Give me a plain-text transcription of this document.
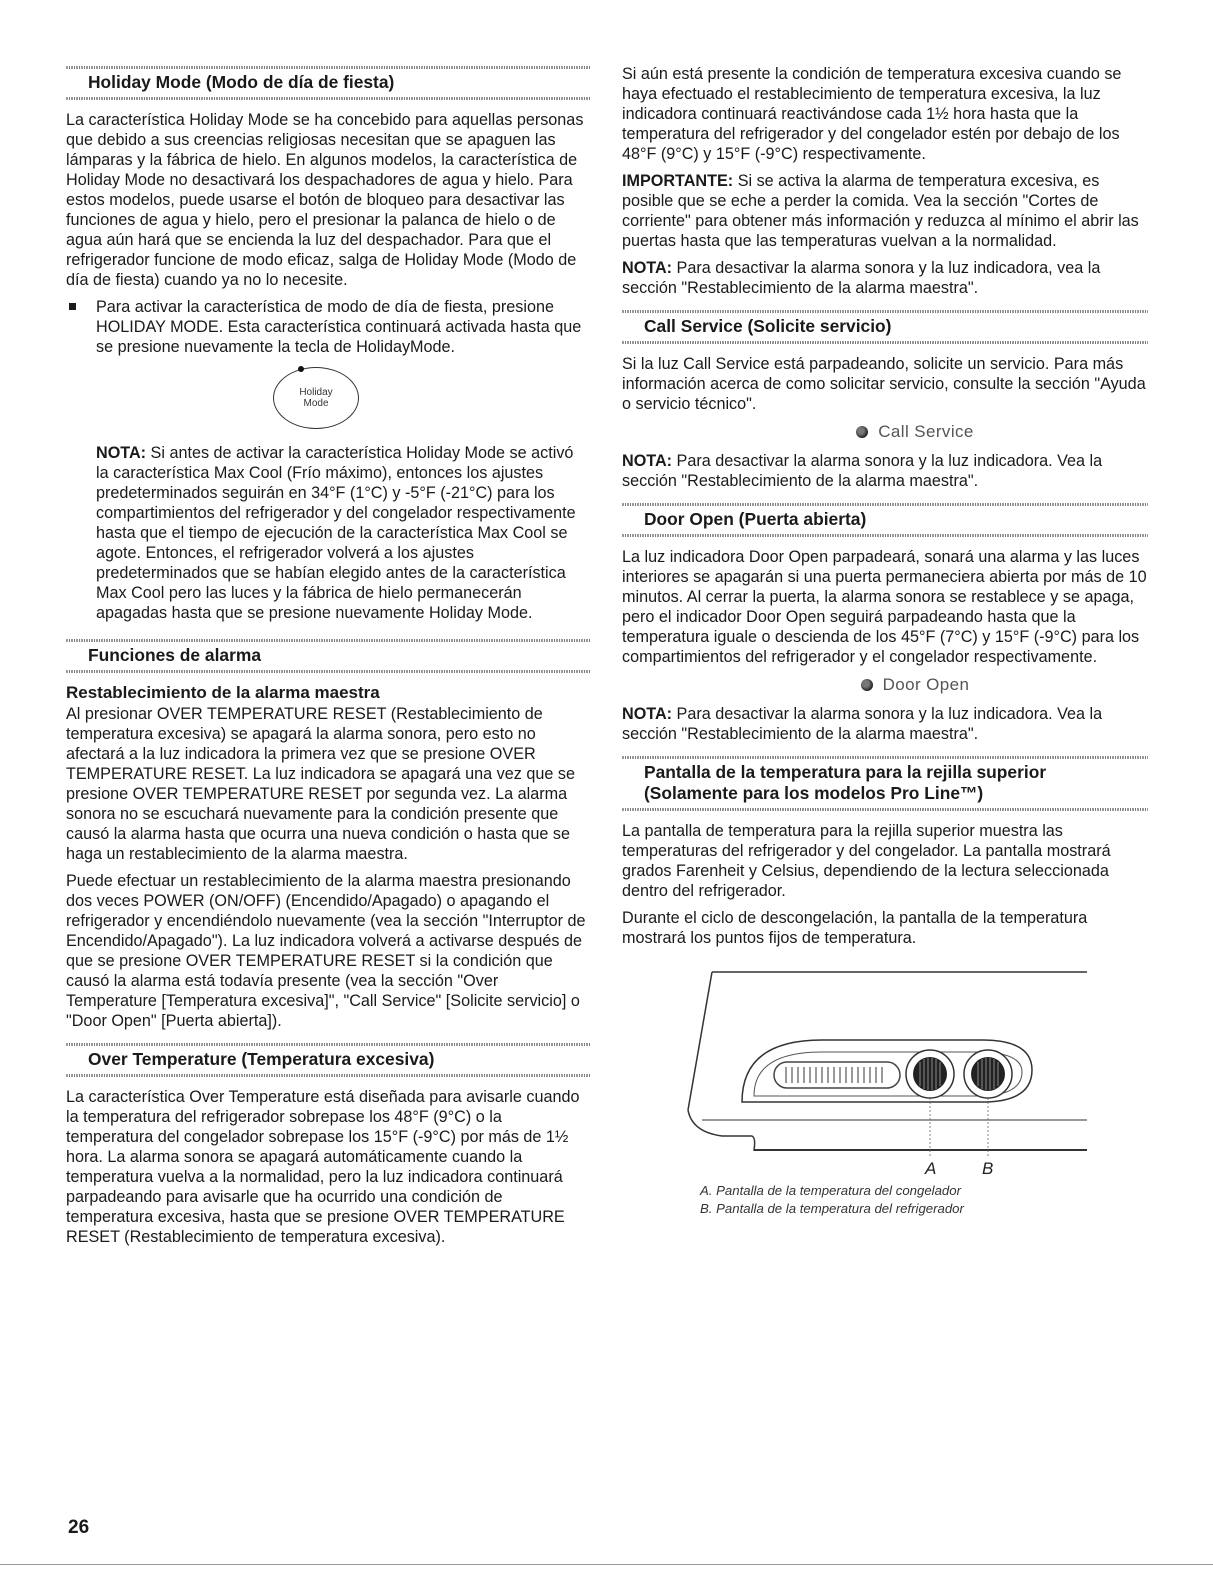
Holiday Mode (Modo de día de fiesta)

La característica Holiday Mode se ha concebido para aquellas personas que debido a sus creencias religiosas necesitan que se apaguen las lámparas y la fábrica de hielo. En algunos modelos, la característica de Holiday Mode no desactivará los despachadores de agua y hielo. Para estos modelos, puede usarse el botón de bloqueo para desactivar las funciones de agua y hielo, pero el presionar la palanca de hielo o de agua aún hará que se encienda la luz del despachador. Para que el refrigerador funcione de modo eficaz, salga de Holiday Mode (Modo de día de fiesta) cuando ya no lo necesite.

Para activar la característica de modo de día de fiesta, presione HOLIDAY MODE. Esta característica continuará activada hasta que se presione nuevamente la tecla de HolidayMode.
Holiday
Mode

NOTA: Si antes de activar la característica Holiday Mode se activó la característica Max Cool (Frío máximo), entonces los ajustes predeterminados seguirán en 34°F (1°C) y -5°F (-21°C) para los compartimientos del refrigerador y del congelador respectivamente hasta que el tiempo de ejecución de la característica Max Cool se agote. Entonces, el refrigerador volverá a los ajustes predeterminados que se habían elegido antes de la característica Max Cool pero las luces y la fábrica de hielo permanecerán apagadas hasta que se presione nuevamente Holiday Mode.

Funciones de alarma
Restablecimiento de la alarma maestra

Al presionar OVER TEMPERATURE RESET (Restablecimiento de temperatura excesiva) se apagará la alarma sonora, pero esto no afectará a la luz indicadora la primera vez que se presione OVER TEMPERATURE RESET. La luz indicadora se apagará una vez que se presione OVER TEMPERATURE RESET por segunda vez. La alarma sonora no se escuchará nuevamente para la condición presente que causó la alarma hasta que ocurra una nueva condición o hasta que se haga un restablecimiento de la alarma maestra.

Puede efectuar un restablecimiento de la alarma maestra presionando dos veces POWER (ON/OFF) (Encendido/Apagado) o apagando el refrigerador y encendiéndolo nuevamente (vea la sección "Interruptor de Encendido/Apagado"). La luz indicadora volverá a activarse después de que se presione OVER TEMPERATURE RESET si la condición que causó la alarma está todavía presente (vea la sección "Over Temperature [Temperatura excesiva]", "Call Service" [Solicite servicio] o "Door Open" [Puerta abierta]).

Over Temperature (Temperatura excesiva)

La característica Over Temperature está diseñada para avisarle cuando la temperatura del refrigerador sobrepase los 48°F (9°C) o la temperatura del congelador sobrepase los 15°F (-9°C) por más de 1½ hora. La alarma sonora se apagará automáticamente cuando la temperatura vuelva a la normalidad, pero la luz indicadora continuará parpadeando para avisarle que ha ocurrido una condición de temperatura excesiva, hasta que se presione OVER TEMPERATURE RESET (Restablecimiento de temperatura excesiva).

Si aún está presente la condición de temperatura excesiva cuando se haya efectuado el restablecimiento de temperatura excesiva, la luz indicadora continuará reactivándose cada 1½ hora hasta que la temperatura del refrigerador y del congelador estén por debajo de los 48°F (9°C) y 15°F (-9°C) respectivamente.

IMPORTANTE: Si se activa la alarma de temperatura excesiva, es posible que se eche a perder la comida. Vea la sección "Cortes de corriente" para obtener más información y reduzca al mínimo el abrir las puertas hasta que las temperaturas vuelvan a la normalidad.

NOTA: Para desactivar la alarma sonora y la luz indicadora, vea la sección "Restablecimiento de la alarma maestra".

Call Service (Solicite servicio)

Si la luz Call Service está parpadeando, solicite un servicio. Para más información acerca de como solicitar servicio, consulte la sección "Ayuda o servicio técnico".

Call Service

NOTA: Para desactivar la alarma sonora y la luz indicadora. Vea la sección "Restablecimiento de la alarma maestra".

Door Open (Puerta abierta)

La luz indicadora Door Open parpadeará, sonará una alarma y las luces interiores se apagarán si una puerta permaneciera abierta por más de 10 minutos. Al cerrar la puerta, la alarma sonora se restablece y se apaga, pero el indicador Door Open seguirá parpadeando hasta que la temperatura iguale o descienda de los 45°F (7°C) y 15°F (-9°C) para los compartimientos del refrigerador y el congelador respectivamente.

Door Open

NOTA: Para desactivar la alarma sonora y la luz indicadora. Vea la sección "Restablecimiento de la alarma maestra".

Pantalla de la temperatura para la rejilla superior
(Solamente para los modelos Pro Line™)

La pantalla de temperatura para la rejilla superior muestra las temperaturas del refrigerador y del congelador. La pantalla mostrará grados Farenheit y Celsius, dependiendo de la lectura seleccionada dentro del refrigerador.

Durante el ciclo de descongelación, la pantalla de la temperatura mostrará los puntos fijos de temperatura.

A	B
A. Pantalla de la temperatura del congelador
B. Pantalla de la temperatura del refrigerador
26
